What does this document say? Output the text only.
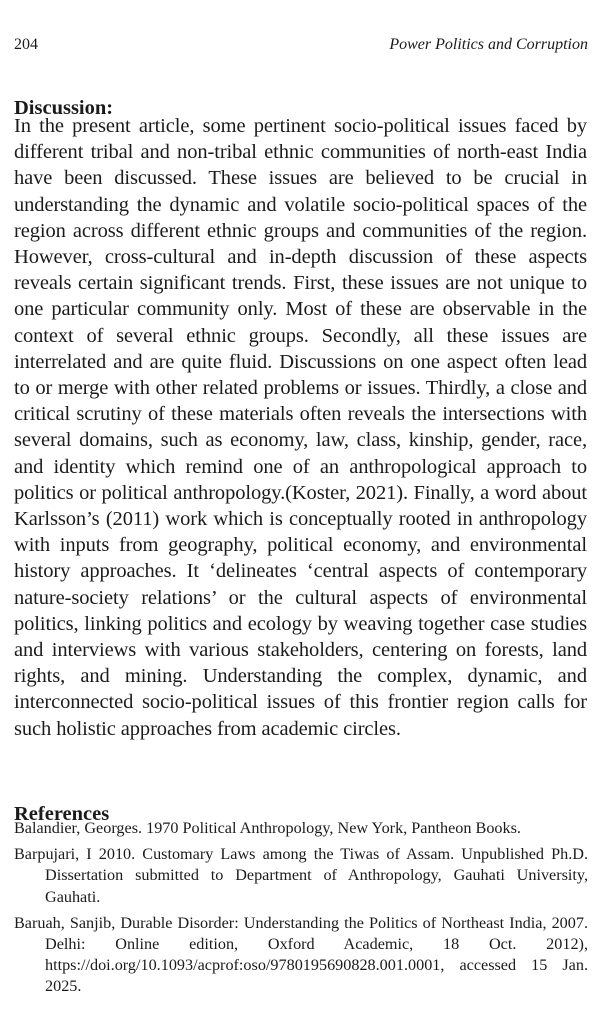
204	Power Politics and Corruption
Discussion:

In the present article, some pertinent socio-political issues faced by different tribal and non-tribal ethnic communities of north-east India have been discussed. These issues are believed to be crucial in understanding the dynamic and volatile socio-political spaces of the region across different ethnic groups and communities of the region. However, cross-cultural and in-depth discussion of these aspects reveals certain significant trends. First, these issues are not unique to one particular community only. Most of these are observable in the context of several ethnic groups. Secondly, all these issues are interrelated and are quite fluid. Discussions on one aspect often lead to or merge with other related problems or issues. Thirdly, a close and critical scrutiny of these materials often reveals the intersections with several domains, such as economy, law, class, kinship, gender, race, and identity which remind one of an anthropological approach to politics or political anthropology.(Koster, 2021). Finally, a word about Karlsson’s (2011) work which is conceptually rooted in anthropology with inputs from geography, political economy, and environmental history approaches. It ‘delineates ‘central aspects of contemporary nature-society relations’ or the cultural aspects of environmental politics, linking politics and ecology by weaving together case studies and interviews with various stakeholders, centering on forests, land rights, and mining. Understanding the complex, dynamic, and interconnected socio-political issues of this frontier region calls for such holistic approaches from academic circles.

References
Balandier, Georges. 1970 Political Anthropology, New York, Pantheon Books.
Barpujari, I 2010. Customary Laws among the Tiwas of Assam. Unpublished Ph.D. Dissertation submitted to Department of Anthropology, Gauhati University, Gauhati.
Baruah, Sanjib, Durable Disorder: Understanding the Politics of Northeast India, 2007. Delhi: Online edition, Oxford Academic, 18 Oct. 2012), https://doi.org/10.1093/acprof:oso/9780195690828.001.0001, accessed 15 Jan. 2025.
